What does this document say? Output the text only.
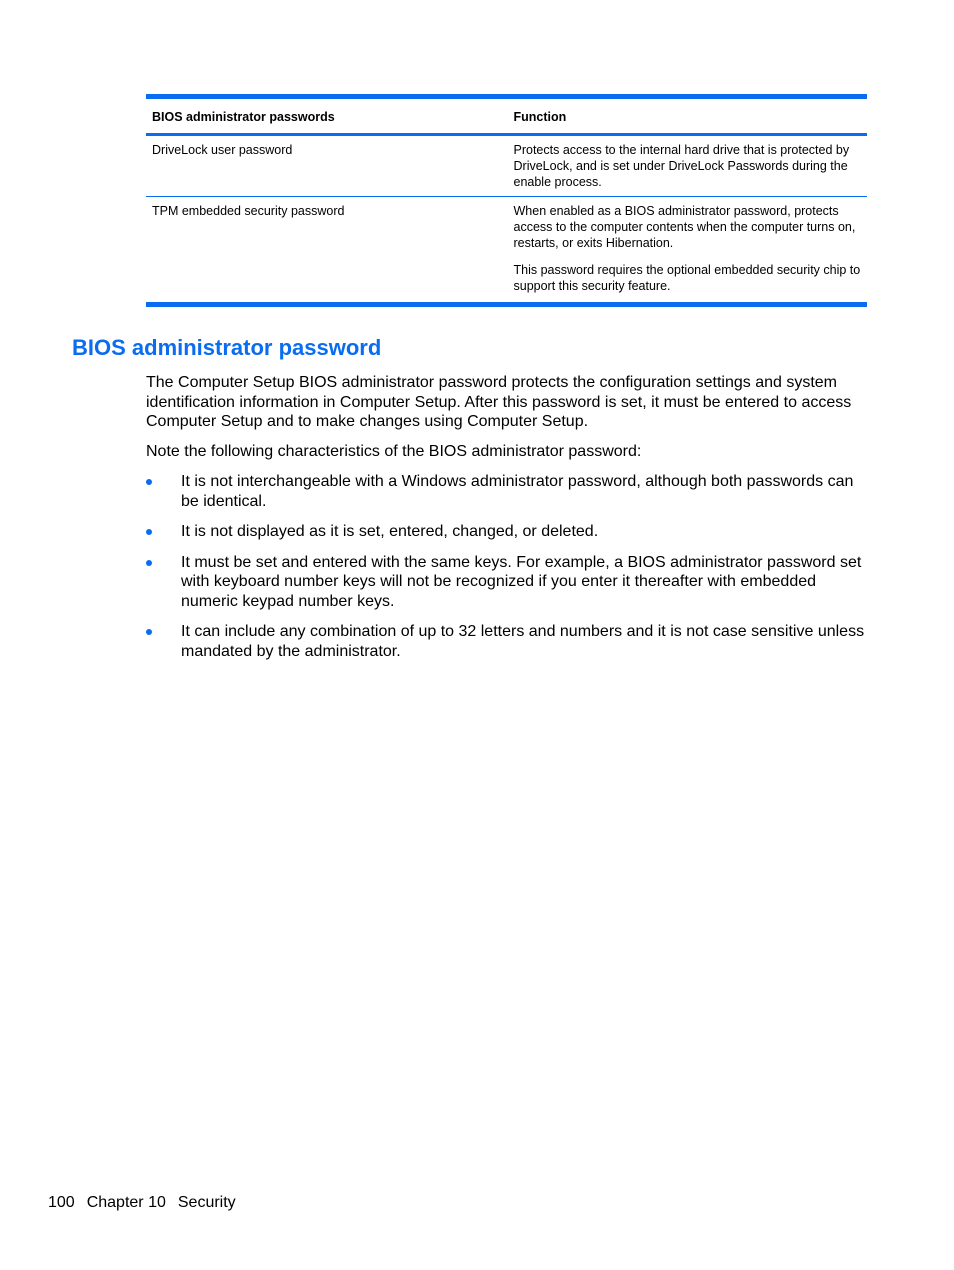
BIOS administrator passwords	Function

DriveLock user password	Protects access to the internal hard drive that is protected by DriveLock, and is set under DriveLock Passwords during the enable process.

TPM embedded security password	When enabled as a BIOS administrator password, protects access to the computer contents when the computer turns on, restarts, or exits Hibernation.

This password requires the optional embedded security chip to support this security feature.

BIOS administrator password

The Computer Setup BIOS administrator password protects the configuration settings and system identification information in Computer Setup. After this password is set, it must be entered to access Computer Setup and to make changes using Computer Setup.

Note the following characteristics of the BIOS administrator password:

It is not interchangeable with a Windows administrator password, although both passwords can be identical.
It is not displayed as it is set, entered, changed, or deleted.
It must be set and entered with the same keys. For example, a BIOS administrator password set with keyboard number keys will not be recognized if you enter it thereafter with embedded numeric keypad number keys.
It can include any combination of up to 32 letters and numbers and it is not case sensitive unless mandated by the administrator.
100 Chapter 10 Security
